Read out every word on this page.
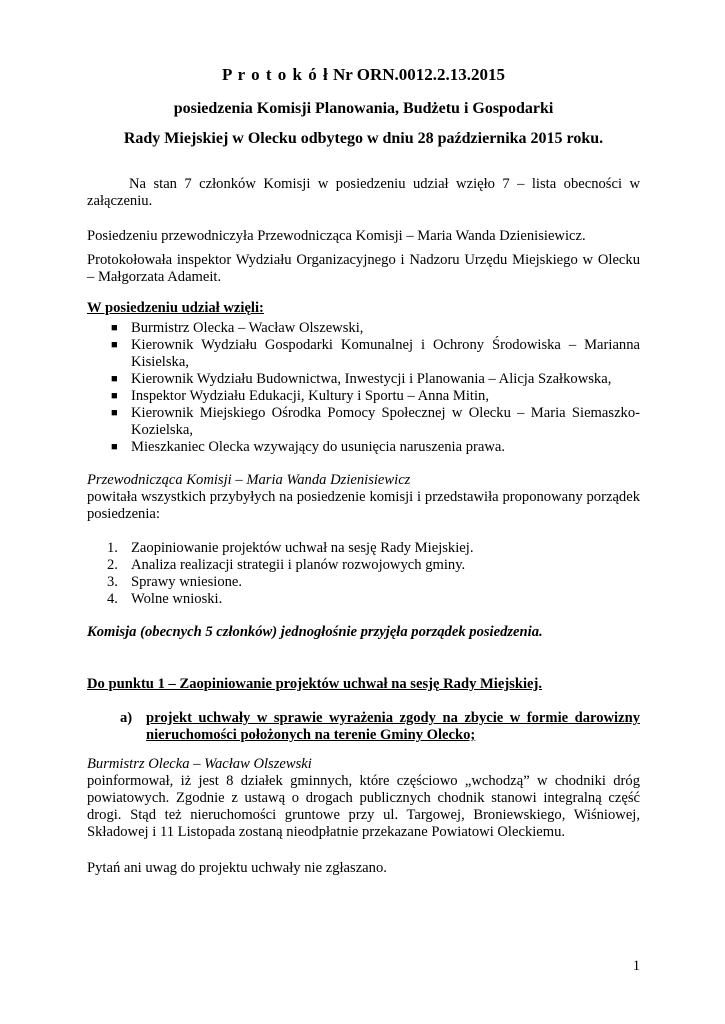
P r o t o k ó ł Nr ORN.0012.2.13.2015
posiedzenia Komisji Planowania, Budżetu i Gospodarki
Rady Miejskiej w Olecku odbytego w dniu 28 października 2015 roku.
Na stan 7 członków Komisji w posiedzeniu udział wzięło 7 – lista obecności w załączeniu.
Posiedzeniu przewodniczyła Przewodnicząca Komisji – Maria Wanda Dzienisiewicz.
Protokołowała inspektor Wydziału Organizacyjnego i Nadzoru Urzędu Miejskiego w Olecku – Małgorzata Adameit.
W posiedzeniu udział wzięli:
■ Burmistrz Olecka – Wacław Olszewski,
■ Kierownik Wydziału Gospodarki Komunalnej i Ochrony Środowiska – Marianna Kisielska,
■ Kierownik Wydziału Budownictwa, Inwestycji i Planowania – Alicja Szałkowska,
■ Inspektor Wydziału Edukacji, Kultury i Sportu – Anna Mitin,
■ Kierownik Miejskiego Ośrodka Pomocy Społecznej w Olecku – Maria Siemaszko-Kozielska,
■ Mieszkaniec Olecka wzywający do usunięcia naruszenia prawa.
Przewodnicząca Komisji – Maria Wanda Dzienisiewicz
powitała wszystkich przybyłych na posiedzenie komisji i przedstawiła proponowany porządek posiedzenia:
1. Zaopiniowanie projektów uchwał na sesję Rady Miejskiej.
2. Analiza realizacji strategii i planów rozwojowych gminy.
3. Sprawy wniesione.
4. Wolne wnioski.
Komisja (obecnych 5 członków) jednogłośnie przyjęła porządek posiedzenia.
Do punktu 1 – Zaopiniowanie projektów uchwał na sesję Rady Miejskiej.
a) projekt uchwały w sprawie wyrażenia zgody na zbycie w formie darowizny nieruchomości położonych na terenie Gminy Olecko;
Burmistrz Olecka – Wacław Olszewski
poinformował, iż jest 8 działek gminnych, które częściowo „wchodzą” w chodniki dróg powiatowych. Zgodnie z ustawą o drogach publicznych chodnik stanowi integralną część drogi. Stąd też nieruchomości gruntowe przy ul. Targowej, Broniewskiego, Wiśniowej, Składowej i 11 Listopada zostaną nieodpłatnie przekazane Powiatowi Oleckiemu.
Pytań ani uwag do projektu uchwały nie zgłaszano.
1
